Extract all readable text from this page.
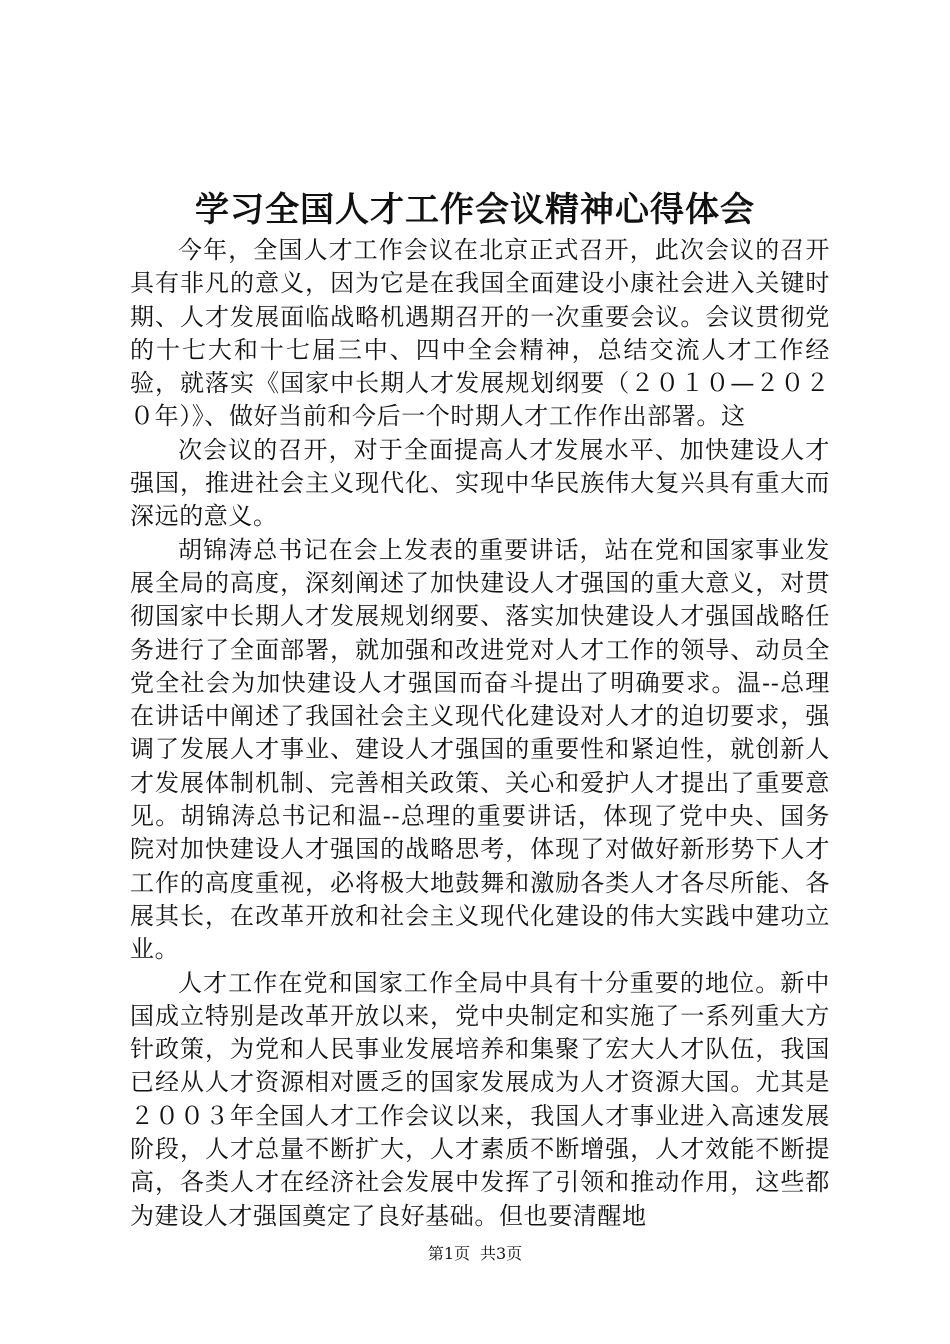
学习全国人才工作会议精神心得体会

今年，全国人才工作会议在北京正式召开，此次会议的召开具有非凡的意义，因为它是在我国全面建设小康社会进入关键时期、人才发展面临战略机遇期召开的一次重要会议。会议贯彻党的十七大和十七届三中、四中全会精神，总结交流人才工作经验，就落实《国家中长期人才发展规划纲要（２０１０—２０２０年）》、做好当前和今后一个时期人才工作作出部署。这

次会议的召开，对于全面提高人才发展水平、加快建设人才强国，推进社会主义现代化、实现中华民族伟大复兴具有重大而深远的意义。

胡锦涛总书记在会上发表的重要讲话，站在党和国家事业发展全局的高度，深刻阐述了加快建设人才强国的重大意义，对贯彻国家中长期人才发展规划纲要、落实加快建设人才强国战略任务进行了全面部署，就加强和改进党对人才工作的领导、动员全党全社会为加快建设人才强国而奋斗提出了明确要求。温--总理在讲话中阐述了我国社会主义现代化建设对人才的迫切要求，强调了发展人才事业、建设人才强国的重要性和紧迫性，就创新人才发展体制机制、完善相关政策、关心和爱护人才提出了重要意见。胡锦涛总书记和温--总理的重要讲话，体现了党中央、国务院对加快建设人才强国的战略思考，体现了对做好新形势下人才工作的高度重视，必将极大地鼓舞和激励各类人才各尽所能、各展其长，在改革开放和社会主义现代化建设的伟大实践中建功立业。

人才工作在党和国家工作全局中具有十分重要的地位。新中国成立特别是改革开放以来，党中央制定和实施了一系列重大方针政策，为党和人民事业发展培养和集聚了宏大人才队伍，我国已经从人才资源相对匮乏的国家发展成为人才资源大国。尤其是２００３年全国人才工作会议以来，我国人才事业进入高速发展阶段，人才总量不断扩大，人才素质不断增强，人才效能不断提高，各类人才在经济社会发展中发挥了引领和推动作用，这些都为建设人才强国奠定了良好基础。但也要清醒地

第1页 共3页
